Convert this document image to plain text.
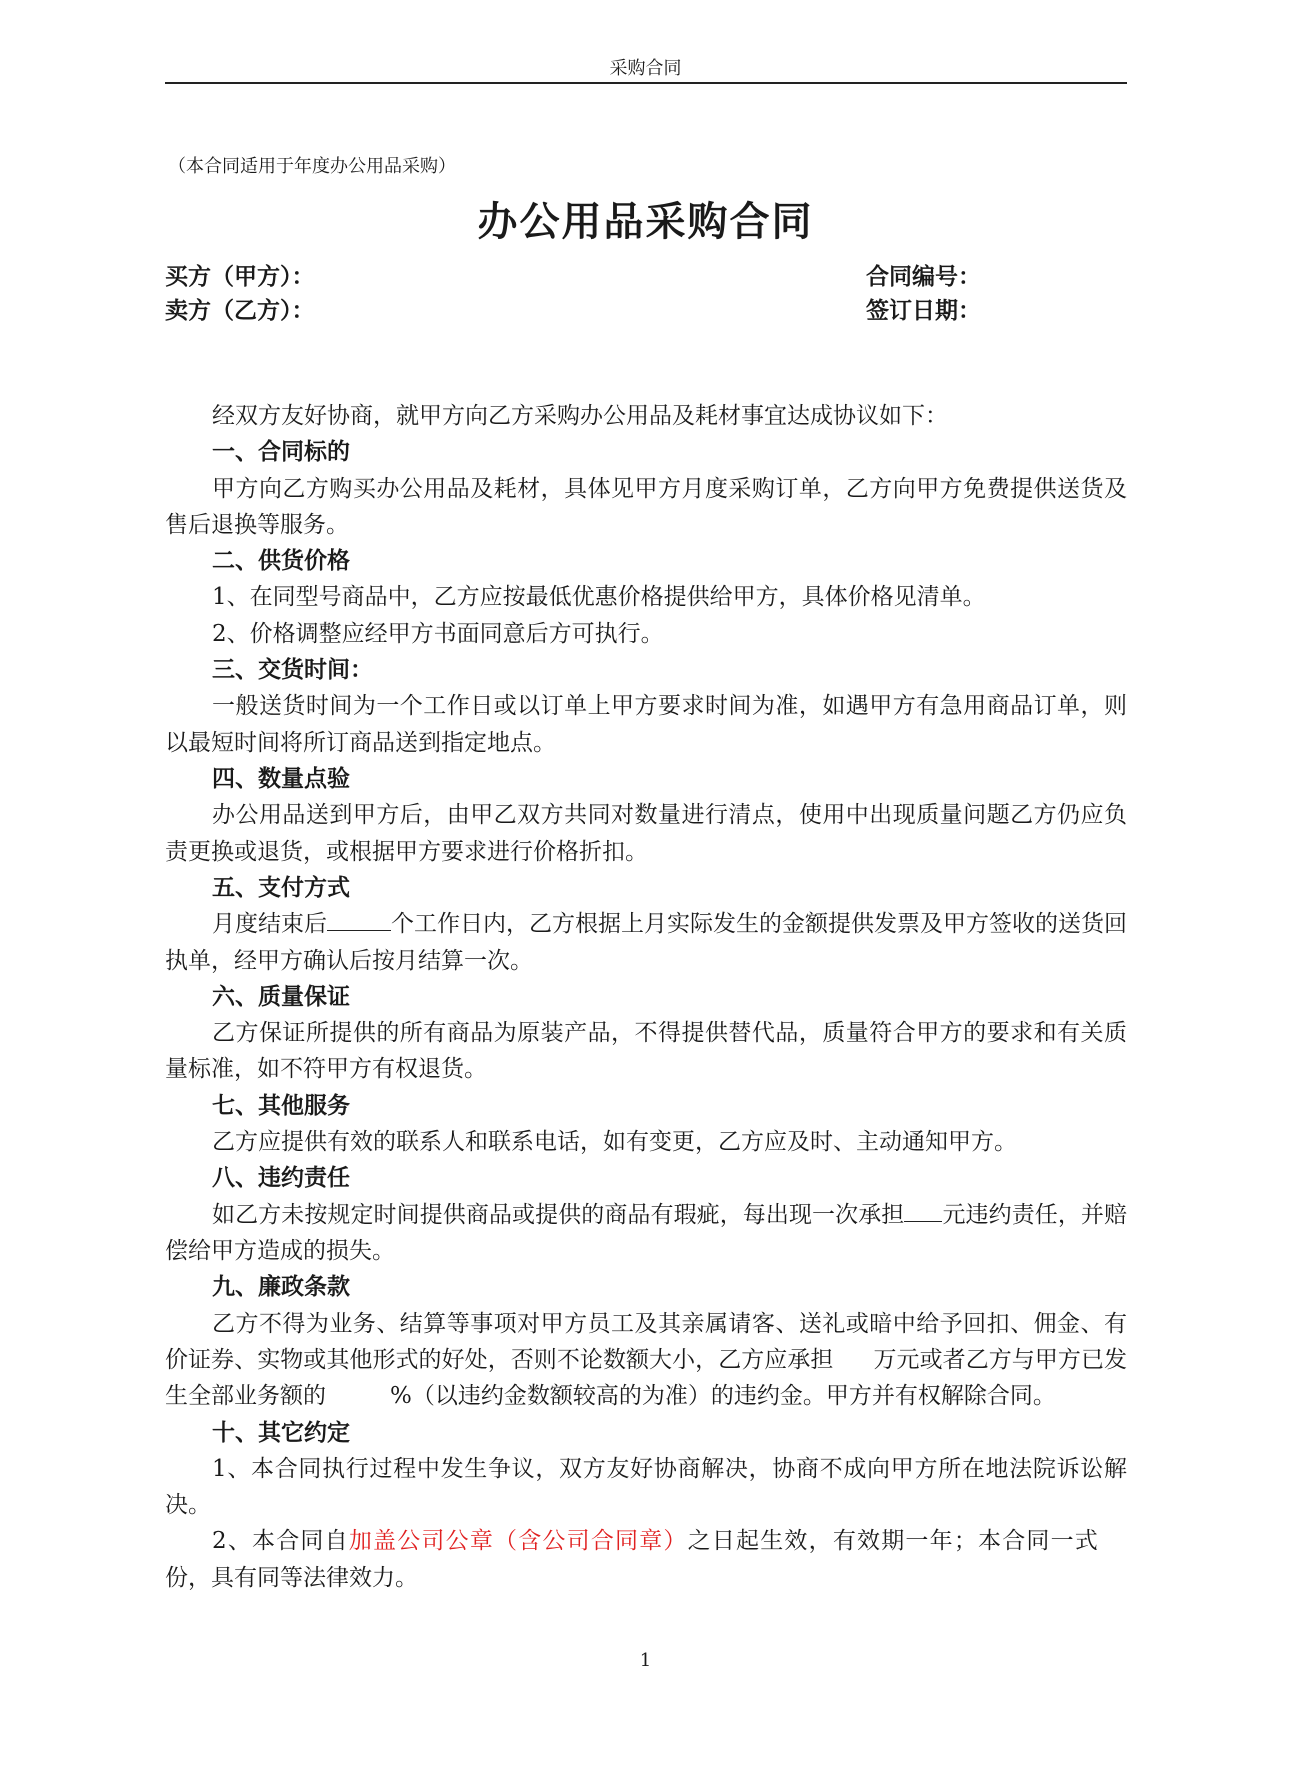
采购合同
（本合同适用于年度办公用品采购）
办公用品采购合同
买方（甲方）：
卖方（乙方）：
合同编号：
签订日期：

经双方友好协商，就甲方向乙方采购办公用品及耗材事宜达成协议如下：

一、合同标的

甲方向乙方购买办公用品及耗材，具体见甲方月度采购订单，乙方向甲方免费提供送货及售后退换等服务。

二、供货价格

1、在同型号商品中，乙方应按最低优惠价格提供给甲方，具体价格见清单。

2、价格调整应经甲方书面同意后方可执行。

三、交货时间：

一般送货时间为一个工作日或以订单上甲方要求时间为准，如遇甲方有急用商品订单，则以最短时间将所订商品送到指定地点。

四、数量点验

办公用品送到甲方后，由甲乙双方共同对数量进行清点，使用中出现质量问题乙方仍应负责更换或退货，或根据甲方要求进行价格折扣。

五、支付方式

月度结束后	个工作日内，乙方根据上月实际发生的金额提供发票及甲方签收的送货回执单，经甲方确认后按月结算一次。

六、质量保证

乙方保证所提供的所有商品为原装产品，不得提供替代品，质量符合甲方的要求和有关质量标准，如不符甲方有权退货。

七、其他服务

乙方应提供有效的联系人和联系电话，如有变更，乙方应及时、主动通知甲方。

八、违约责任

如乙方未按规定时间提供商品或提供的商品有瑕疵，每出现一次承担 元违约责任，并赔偿给甲方造成的损失。

九、廉政条款

乙方不得为业务、结算等事项对甲方员工及其亲属请客、送礼或暗中给予回扣、佣金、有价证券、实物或其他形式的好处，否则不论数额大小，乙方应承担 万元或者乙方与甲方已发生全部业务额的	%（以违约金数额较高的为准）的违约金。甲方并有权解除合同。

十、其它约定

1、本合同执行过程中发生争议，双方友好协商解决，协商不成向甲方所在地法院诉讼解决。

2、本合同自加盖公司公章（含公司合同章）之日起生效，有效期一年；本合同一式份，具有同等法律效力。

1
